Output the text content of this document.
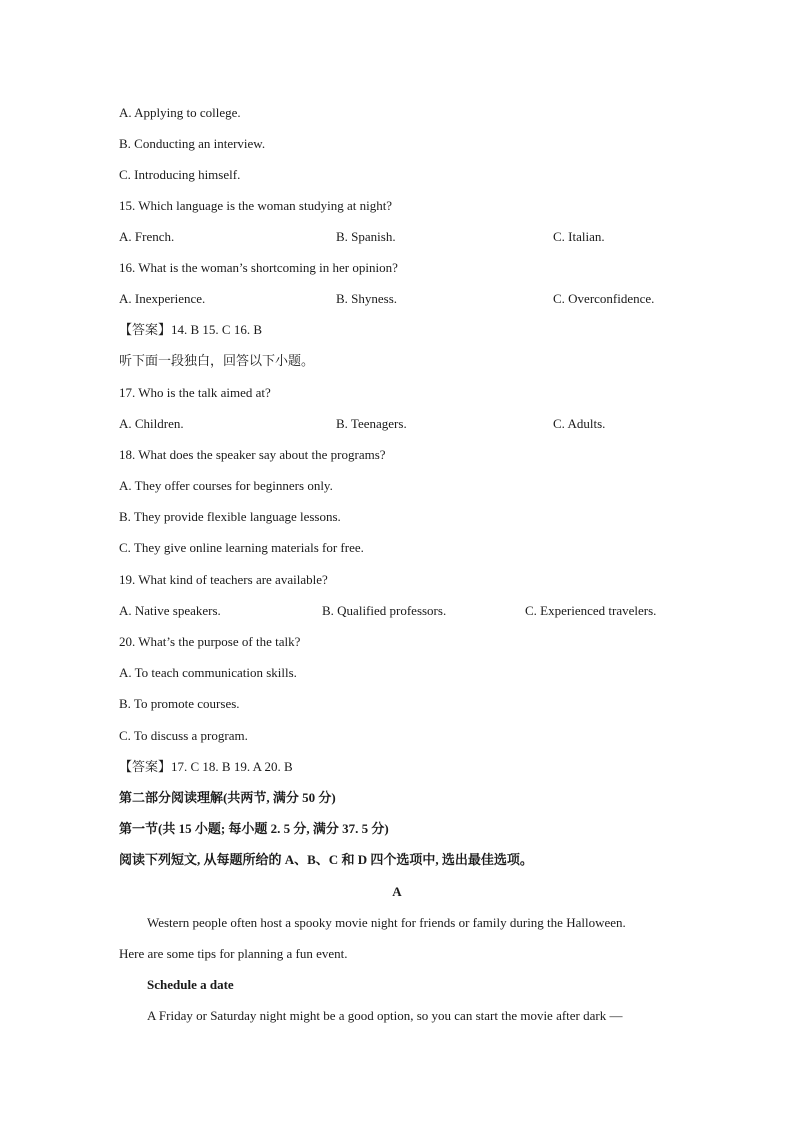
A. Applying to college.
B. Conducting an interview.
C. Introducing himself.
15. Which language is the woman studying at night?
A. French.	B. Spanish.	C. Italian.
16. What is the woman’s shortcoming in her opinion?
A. Inexperience.	B. Shyness.	C. Overconfidence.
【答案】14. B 15. C 16. B
听下面一段独白，回答以下小题。
17. Who is the talk aimed at?
A. Children.	B. Teenagers.	C. Adults.
18. What does the speaker say about the programs?
A. They offer courses for beginners only.
B. They provide flexible language lessons.
C. They give online learning materials for free.
19. What kind of teachers are available?
A. Native speakers.	B. Qualified professors.	C. Experienced travelers.
20. What’s the purpose of the talk?
A. To teach communication skills.
B. To promote courses.
C. To discuss a program.
【答案】17. C 18. B 19. A 20. B
第二部分阅读理解(共两节, 满分 50 分)
第一节(共 15 小题; 每小题 2. 5 分, 满分 37. 5 分)
阅读下列短文, 从每题所给的 A、B、C 和 D 四个选项中, 选出最佳选项。
A
Western people often host a spooky movie night for friends or family during the Halloween.
Here are some tips for planning a fun event.
Schedule a date
A Friday or Saturday night might be a good option, so you can start the movie after dark —
